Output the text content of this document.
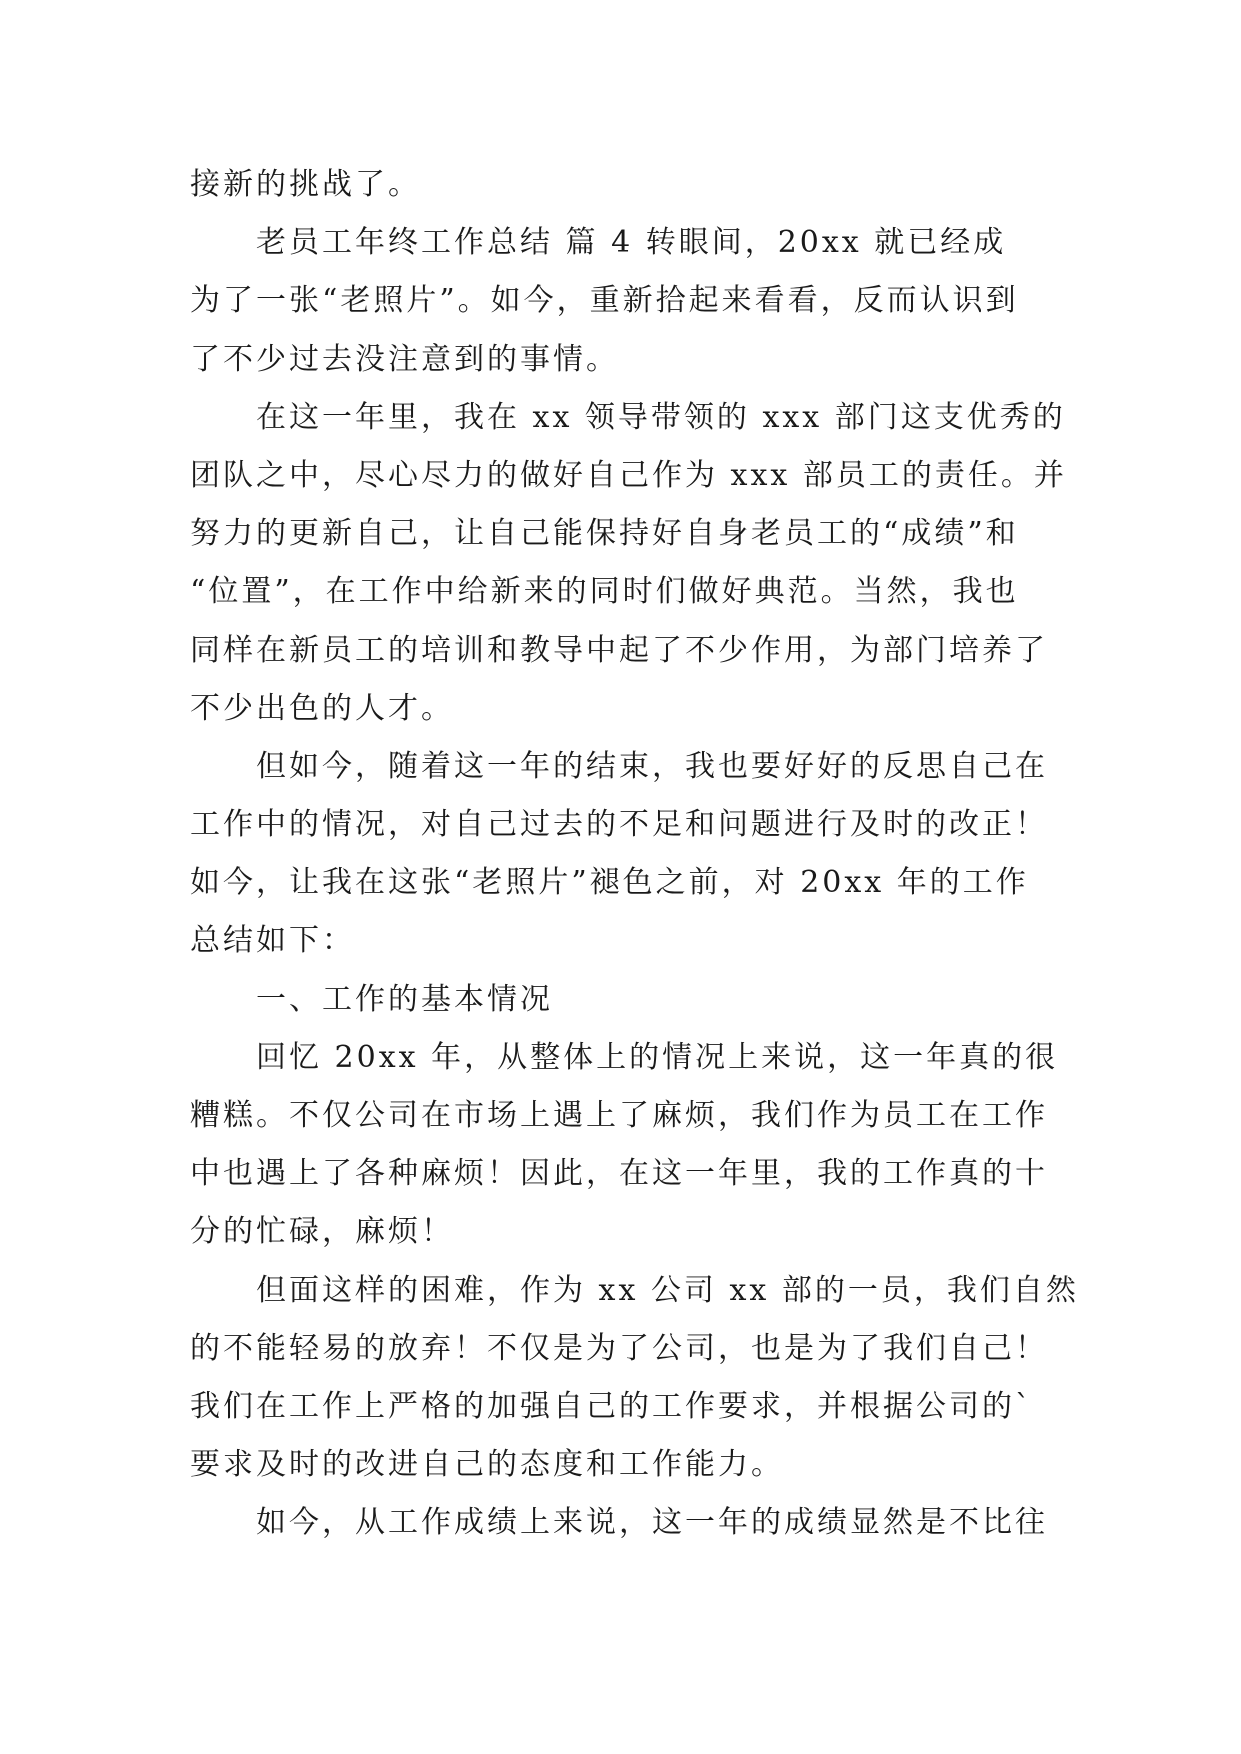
接新的挑战了。
老员工年终工作总结 篇 4 转眼间，20xx 就已经成
为了一张“老照片”。如今，重新拾起来看看，反而认识到
了不少过去没注意到的事情。
在这一年里，我在 xx 领导带领的 xxx 部门这支优秀的
团队之中，尽心尽力的做好自己作为 xxx 部员工的责任。并
努力的更新自己，让自己能保持好自身老员工的“成绩”和
“位置”，在工作中给新来的同时们做好典范。当然，我也
同样在新员工的培训和教导中起了不少作用，为部门培养了
不少出色的人才。
但如今，随着这一年的结束，我也要好好的反思自己在
工作中的情况，对自己过去的不足和问题进行及时的改正！
如今，让我在这张“老照片”褪色之前，对 20xx 年的工作
总结如下：
一、工作的基本情况
回忆 20xx 年，从整体上的情况上来说，这一年真的很
糟糕。不仅公司在市场上遇上了麻烦，我们作为员工在工作
中也遇上了各种麻烦！因此，在这一年里，我的工作真的十
分的忙碌，麻烦！
但面这样的困难，作为 xx 公司 xx 部的一员，我们自然
的不能轻易的放弃！不仅是为了公司，也是为了我们自己！
我们在工作上严格的加强自己的工作要求，并根据公司的`
要求及时的改进自己的态度和工作能力。
如今，从工作成绩上来说，这一年的成绩显然是不比往
